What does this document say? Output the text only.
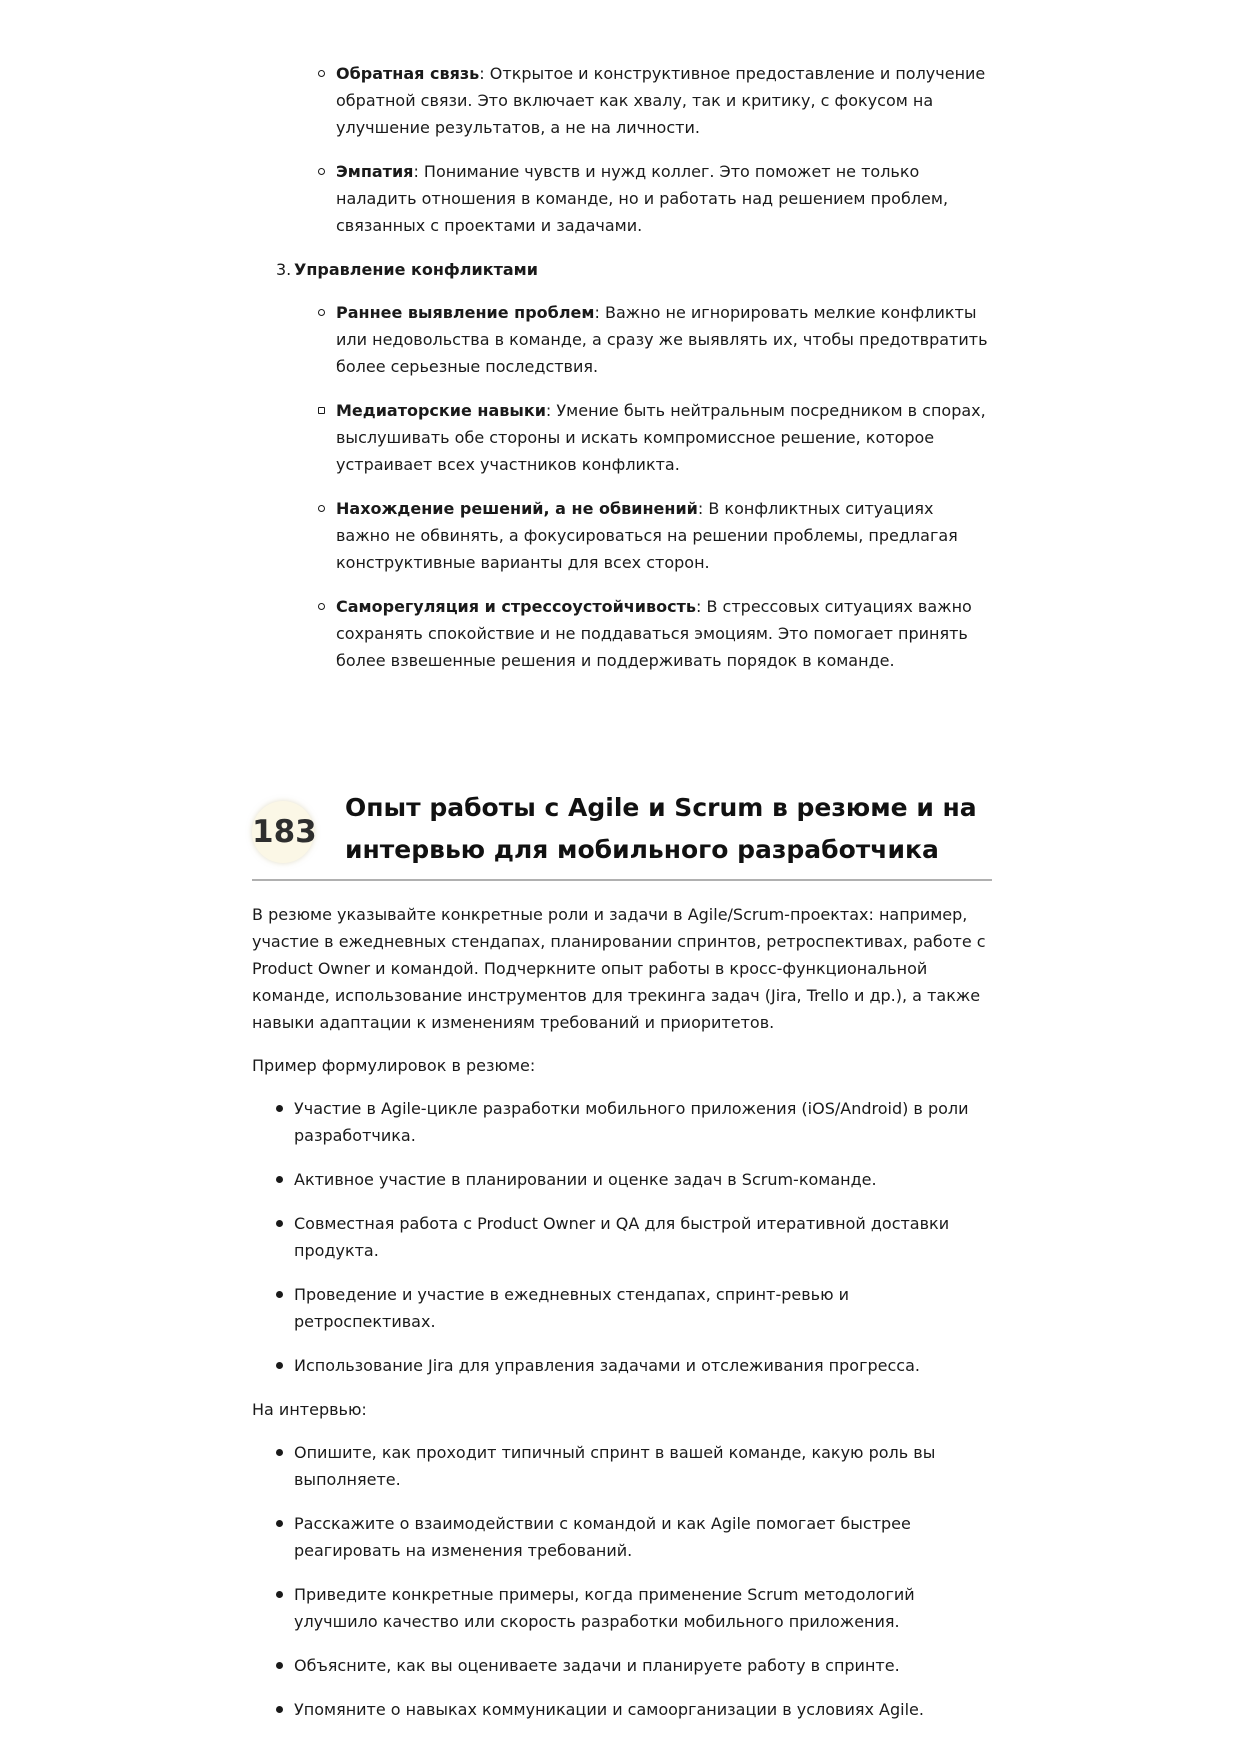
Обратная связь: Открытое и конструктивное предоставление и получение обратной связи. Это включает как хвалу, так и критику, с фокусом на улучшение результатов, а не на личности.
Эмпатия: Понимание чувств и нужд коллег. Это поможет не только наладить отношения в команде, но и работать над решением проблем, связанных с проектами и задачами.
3. Управление конфликтами
Раннее выявление проблем: Важно не игнорировать мелкие конфликты или недовольства в команде, а сразу же выявлять их, чтобы предотвратить более серьезные последствия.
Медиаторские навыки: Умение быть нейтральным посредником в спорах, выслушивать обе стороны и искать компромиссное решение, которое устраивает всех участников конфликта.
Нахождение решений, а не обвинений: В конфликтных ситуациях важно не обвинять, а фокусироваться на решении проблемы, предлагая конструктивные варианты для всех сторон.
Саморегуляция и стрессоустойчивость: В стрессовых ситуациях важно сохранять спокойствие и не поддаваться эмоциям. Это помогает принять более взвешенные решения и поддерживать порядок в команде.
183
Опыт работы с Agile и Scrum в резюме и на интервью для мобильного разработчика

В резюме указывайте конкретные роли и задачи в Agile/Scrum-проектах: например, участие в ежедневных стендапах, планировании спринтов, ретроспективах, работе с Product Owner и командой. Подчеркните опыт работы в кросс-функциональной команде, использование инструментов для трекинга задач (Jira, Trello и др.), а также навыки адаптации к изменениям требований и приоритетов.

Пример формулировок в резюме:

Участие в Agile-цикле разработки мобильного приложения (iOS/Android) в роли разработчика.
Активное участие в планировании и оценке задач в Scrum-команде.
Совместная работа с Product Owner и QA для быстрой итеративной доставки продукта.
Проведение и участие в ежедневных стендапах, спринт-ревью и ретроспективах.
Использование Jira для управления задачами и отслеживания прогресса.

На интервью:

Опишите, как проходит типичный спринт в вашей команде, какую роль вы выполняете.
Расскажите о взаимодействии с командой и как Agile помогает быстрее реагировать на изменения требований.
Приведите конкретные примеры, когда применение Scrum методологий улучшило качество или скорость разработки мобильного приложения.
Объясните, как вы оцениваете задачи и планируете работу в спринте.
Упомяните о навыках коммуникации и самоорганизации в условиях Agile.
